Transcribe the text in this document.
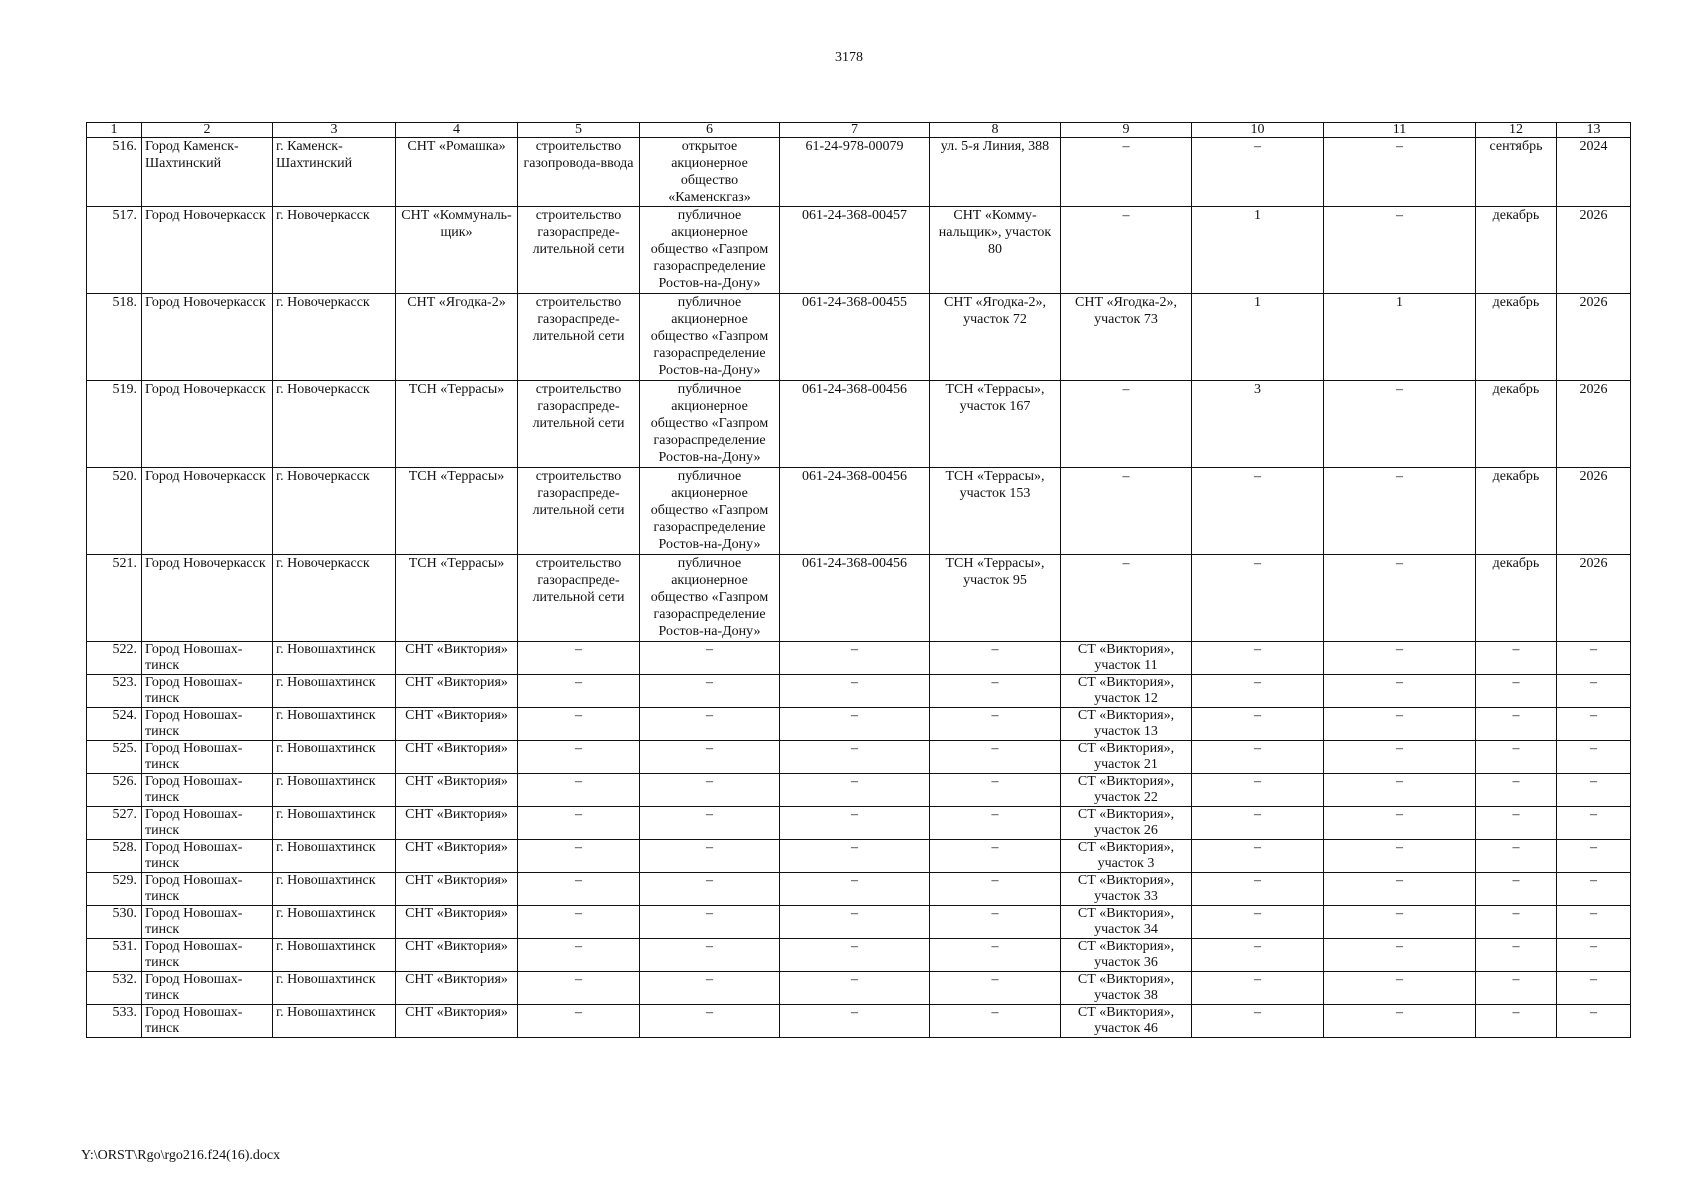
3178
1	2	3	4	5	6	7	8	9	10	11	12	13
516.	Город Каменск-Шахтинский	г. Каменск-Шахтинский	СНТ «Ромашка»	строительство газопровода-ввода	открытое акционерное общество «Каменскгаз»	61-24-978-00079	ул. 5-я Линия, 388	–	–	–	сентябрь	2024
517.	Город Новочеркасск	г. Новочеркасск	СНТ «Коммуналь-щик»	строительство газораспреде-лительной сети	публичное акционерное общество «Газпром газораспределение Ростов-на-Дону»	061-24-368-00457	СНТ «Комму-нальщик», участок 80	–	1	–	декабрь	2026
518.	Город Новочеркасск	г. Новочеркасск	СНТ «Ягодка-2»	строительство газораспреде-лительной сети	публичное акционерное общество «Газпром газораспределение Ростов-на-Дону»	061-24-368-00455	СНТ «Ягодка-2», участок 72	СНТ «Ягодка-2», участок 73	1	1	декабрь	2026
519.	Город Новочеркасск	г. Новочеркасск	ТСН «Террасы»	строительство газораспреде-лительной сети	публичное акционерное общество «Газпром газораспределение Ростов-на-Дону»	061-24-368-00456	ТСН «Террасы», участок 167	–	3	–	декабрь	2026
520.	Город Новочеркасск	г. Новочеркасск	ТСН «Террасы»	строительство газораспреде-лительной сети	публичное акционерное общество «Газпром газораспределение Ростов-на-Дону»	061-24-368-00456	ТСН «Террасы», участок 153	–	–	–	декабрь	2026
521.	Город Новочеркасск	г. Новочеркасск	ТСН «Террасы»	строительство газораспреде-лительной сети	публичное акционерное общество «Газпром газораспределение Ростов-на-Дону»	061-24-368-00456	ТСН «Террасы», участок 95	–	–	–	декабрь	2026
522.	Город Новошах-тинск	г. Новошахтинск	СНТ «Виктория»	–	–	–	–	СТ «Виктория», участок 11	–	–	–	–
523.	Город Новошах-тинск	г. Новошахтинск	СНТ «Виктория»	–	–	–	–	СТ «Виктория», участок 12	–	–	–	–
524.	Город Новошах-тинск	г. Новошахтинск	СНТ «Виктория»	–	–	–	–	СТ «Виктория», участок 13	–	–	–	–
525.	Город Новошах-тинск	г. Новошахтинск	СНТ «Виктория»	–	–	–	–	СТ «Виктория», участок 21	–	–	–	–
526.	Город Новошах-тинск	г. Новошахтинск	СНТ «Виктория»	–	–	–	–	СТ «Виктория», участок 22	–	–	–	–
527.	Город Новошах-тинск	г. Новошахтинск	СНТ «Виктория»	–	–	–	–	СТ «Виктория», участок 26	–	–	–	–
528.	Город Новошах-тинск	г. Новошахтинск	СНТ «Виктория»	–	–	–	–	СТ «Виктория», участок 3	–	–	–	–
529.	Город Новошах-тинск	г. Новошахтинск	СНТ «Виктория»	–	–	–	–	СТ «Виктория», участок 33	–	–	–	–
530.	Город Новошах-тинск	г. Новошахтинск	СНТ «Виктория»	–	–	–	–	СТ «Виктория», участок 34	–	–	–	–
531.	Город Новошах-тинск	г. Новошахтинск	СНТ «Виктория»	–	–	–	–	СТ «Виктория», участок 36	–	–	–	–
532.	Город Новошах-тинск	г. Новошахтинск	СНТ «Виктория»	–	–	–	–	СТ «Виктория», участок 38	–	–	–	–
533.	Город Новошах-тинск	г. Новошахтинск	СНТ «Виктория»	–	–	–	–	СТ «Виктория», участок 46	–	–	–	–
Y:\ORST\Rgo\rgo216.f24(16).docx
